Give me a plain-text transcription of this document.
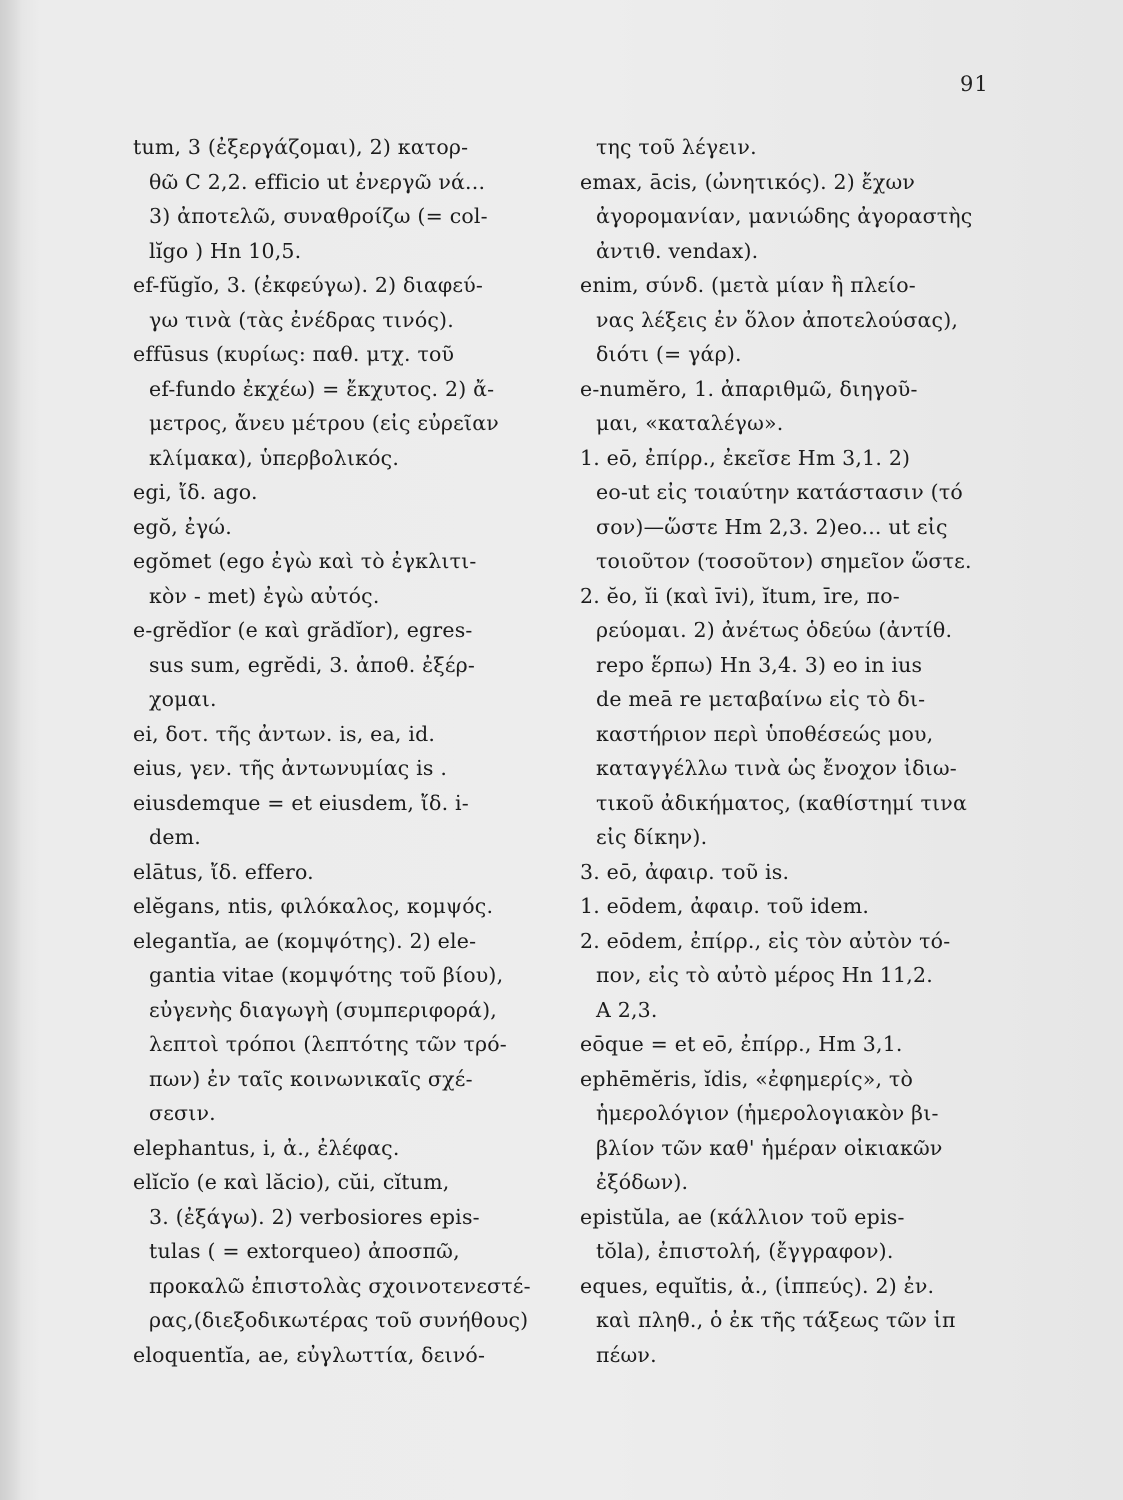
91
tum, 3 (ἐξεργάζομαι), 2) κατορ-
θῶ C 2,2. efficio ut ἐνεργῶ νά...
3) ἀποτελῶ, συναθροίζω (= col-
lĭgo ) Hn 10,5.
ef-fŭgĭo, 3. (ἐκφεύγω). 2) διαφεύ-
γω τινὰ (τὰς ἐνέδρας τινός).
effūsus (κυρίως: παθ. μτχ. τοῦ
ef-fundo ἐκχέω) = ἔκχυτος. 2) ἄ-
μετρος, ἄνευ μέτρου (εἰς εὐρεῖαν
κλίμακα), ὑπερβολικός.
egi, ἴδ. ago.
egŏ, ἐγώ.
egŏmet (ego ἐγὼ καὶ τὸ ἐγκλιτι-
κὸν - met) ἐγὼ αὐτός.
e-grĕdĭor (e καὶ grădĭor), egres-
sus sum, egrĕdi, 3. ἀποθ. ἐξέρ-
χομαι.
ei, δοτ. τῆς ἀντων. is, ea, id.
eius, γεν. τῆς ἀντωνυμίας is .
eiusdemque = et eiusdem, ἴδ. i-
dem.
elātus, ἴδ. effero.
elĕgans, ntis, φιλόκαλος, κομψός.
elegantĭa, ae (κομψότης). 2) ele-
gantia vitae (κομψότης τοῦ βίου),
εὐγενὴς διαγωγὴ (συμπεριφορά),
λεπτοὶ τρόποι (λεπτότης τῶν τρό-
πων) ἐν ταῖς κοινωνικαῖς σχέ-
σεσιν.
elephantus, i, ἀ., ἐλέφας.
elĭcĭo (e καὶ lăcio), cŭi, cĭtum,
3. (ἐξάγω). 2) verbosiores epis-
tulas ( = extorqueo) ἀποσπῶ,
προκαλῶ ἐπιστολὰς σχοινοτενεστέ-
ρας,(διεξοδικωτέρας τοῦ συνήθους)
eloquentĭa, ae, εὐγλωττία, δεινό-
της τοῦ λέγειν.
emax, ācis, (ὠνητικός). 2) ἔχων
ἀγορομανίαν, μανιώδης ἀγοραστὴς
ἀντιθ. vendax).
enim, σύνδ. (μετὰ μίαν ἢ πλείο-
νας λέξεις ἐν ὅλον ἀποτελούσας),
διότι (= γάρ).
e-numĕro, 1. ἀπαριθμῶ, διηγοῦ-
μαι, «καταλέγω».
1. eō, ἐπίρρ., ἐκεῖσε Hm 3,1. 2)
eo-ut εἰς τοιαύτην κατάστασιν (τό
σον)—ὥστε Hm 2,3. 2)eo... ut εἰς
τοιοῦτον (τοσοῦτον) σημεῖον ὥστε.
2. ĕo, ĭi (καὶ īvi), ĭtum, īre, πο-
ρεύομαι. 2) ἀνέτως ὁδεύω (ἀντίθ.
repo ἕρπω) Hn 3,4. 3) eo in ius
de meā re μεταβαίνω εἰς τὸ δι-
καστήριον περὶ ὑποθέσεώς μου,
καταγγέλλω τινὰ ὡς ἔνοχον ἰδιω-
τικοῦ ἀδικήματος, (καθίστημί τινα
εἰς δίκην).
3. eō, ἀφαιρ. τοῦ is.
1. eōdem, ἀφαιρ. τοῦ idem.
2. eōdem, ἐπίρρ., εἰς τὸν αὐτὸν τό-
πον, εἰς τὸ αὐτὸ μέρος Hn 11,2.
A 2,3.
eōque = et eō, ἐπίρρ., Hm 3,1.
ephēmĕris, ĭdis, «ἐφημερίς», τὸ
ἡμερολόγιον (ἡμερολογιακὸν βι-
βλίον τῶν καθ' ἡμέραν οἰκιακῶν
ἐξόδων).
epistŭla, ae (κάλλιον τοῦ epis-
tŏla), ἐπιστολή, (ἔγγραφον).
eques, equĭtis, ἀ., (ἱππεύς). 2) ἐν.
καὶ πληθ., ὁ ἐκ τῆς τάξεως τῶν ἱπ
πέων.
